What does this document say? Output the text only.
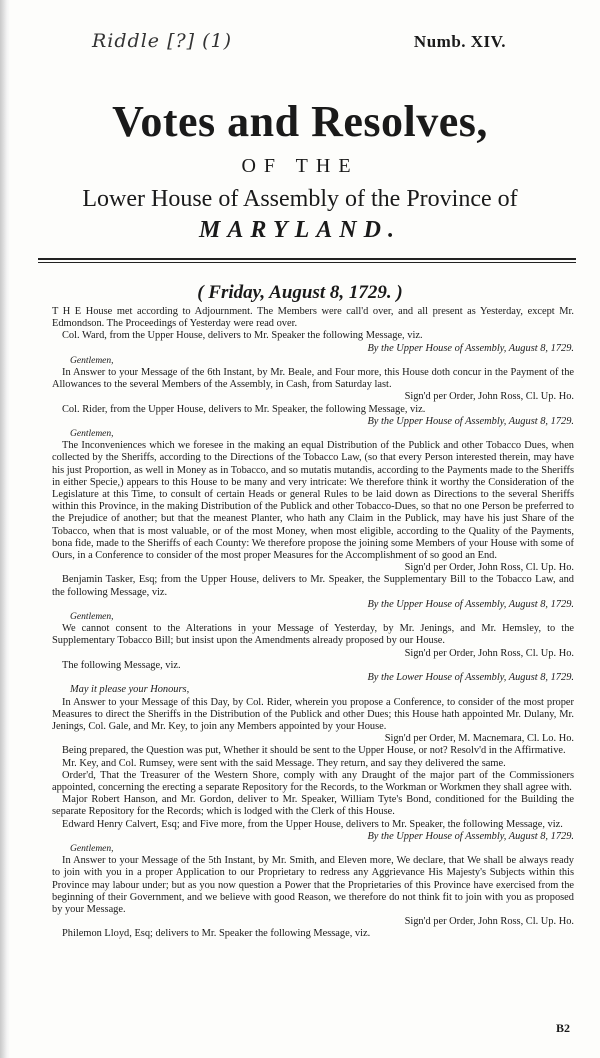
Riddle [?] (1)	Numb. XIV.
Votes and Resolves,
OF THE
Lower House of Assembly of the Province of
MARYLAND.
( Friday, August 8, 1729. )

T H E House met according to Adjournment. The Members were call'd over, and all present as Yesterday, except Mr. Edmondson. The Proceedings of Yesterday were read over.

Col. Ward, from the Upper House, delivers to Mr. Speaker the following Message, viz.

By the Upper House of Assembly, August 8, 1729.

Gentlemen,

In Answer to your Message of the 6th Instant, by Mr. Beale, and Four more, this House doth concur in the Payment of the Allowances to the several Members of the Assembly, in Cash, from Saturday last.

Sign'd per Order, John Ross, Cl. Up. Ho.

Col. Rider, from the Upper House, delivers to Mr. Speaker, the following Message, viz.

By the Upper House of Assembly, August 8, 1729.

Gentlemen,

The Inconveniences which we foresee in the making an equal Distribution of the Publick and other Tobacco Dues, when collected by the Sheriffs, according to the Directions of the Tobacco Law, (so that every Person interested therein, may have his just Proportion, as well in Money as in Tobacco, and so mutatis mutandis, according to the Payments made to the Sheriffs in either Specie,) appears to this House to be many and very intricate: We therefore think it worthy the Consideration of the Legislature at this Time, to consult of certain Heads or general Rules to be laid down as Directions to the several Sheriffs within this Province, in the making Distribution of the Publick and other Tobacco-Dues, so that no one Person be preferred to the Prejudice of another; but that the meanest Planter, who hath any Claim in the Publick, may have his just Share of the Tobacco, when that is most valuable, or of the most Money, when most eligible, according to the Quality of the Payments, bona fide, made to the Sheriffs of each County: We therefore propose the joining some Members of your House with some of Ours, in a Conference to consider of the most proper Measures for the Accomplishment of so good an End.

Sign'd per Order, John Ross, Cl. Up. Ho.

Benjamin Tasker, Esq; from the Upper House, delivers to Mr. Speaker, the Supplementary Bill to the Tobacco Law, and the following Message, viz.

By the Upper House of Assembly, August 8, 1729.

Gentlemen,

We cannot consent to the Alterations in your Message of Yesterday, by Mr. Jenings, and Mr. Hemsley, to the Supplementary Tobacco Bill; but insist upon the Amendments already proposed by our House.

Sign'd per Order, John Ross, Cl. Up. Ho.

The following Message, viz.

By the Lower House of Assembly, August 8, 1729.

May it please your Honours,

In Answer to your Message of this Day, by Col. Rider, wherein you propose a Conference, to consider of the most proper Measures to direct the Sheriffs in the Distribution of the Publick and other Dues; this House hath appointed Mr. Dulany, Mr. Jenings, Col. Gale, and Mr. Key, to join any Members appointed by your House.

Sign'd per Order, M. Macnemara, Cl. Lo. Ho.

Being prepared, the Question was put, Whether it should be sent to the Upper House, or not? Resolv'd in the Affirmative.

Mr. Key, and Col. Rumsey, were sent with the said Message. They return, and say they delivered the same.

Order'd, That the Treasurer of the Western Shore, comply with any Draught of the major part of the Commissioners appointed, concerning the erecting a separate Repository for the Records, to the Workman or Workmen they shall agree with.

Major Robert Hanson, and Mr. Gordon, deliver to Mr. Speaker, William Tyte's Bond, conditioned for the Building the separate Repository for the Records; which is lodged with the Clerk of this House.

Edward Henry Calvert, Esq; and Five more, from the Upper House, delivers to Mr. Speaker, the following Message, viz.

By the Upper House of Assembly, August 8, 1729.

Gentlemen,

In Answer to your Message of the 5th Instant, by Mr. Smith, and Eleven more, We declare, that We shall be always ready to join with you in a proper Application to our Proprietary to redress any Aggrievance His Majesty's Subjects within this Province may labour under; but as you now question a Power that the Proprietaries of this Province have exercised from the beginning of their Government, and we believe with good Reason, we therefore do not think fit to join with you as proposed by your Message.

Sign'd per Order, John Ross, Cl. Up. Ho.

Philemon Lloyd, Esq; delivers to Mr. Speaker the following Message, viz.

B2
